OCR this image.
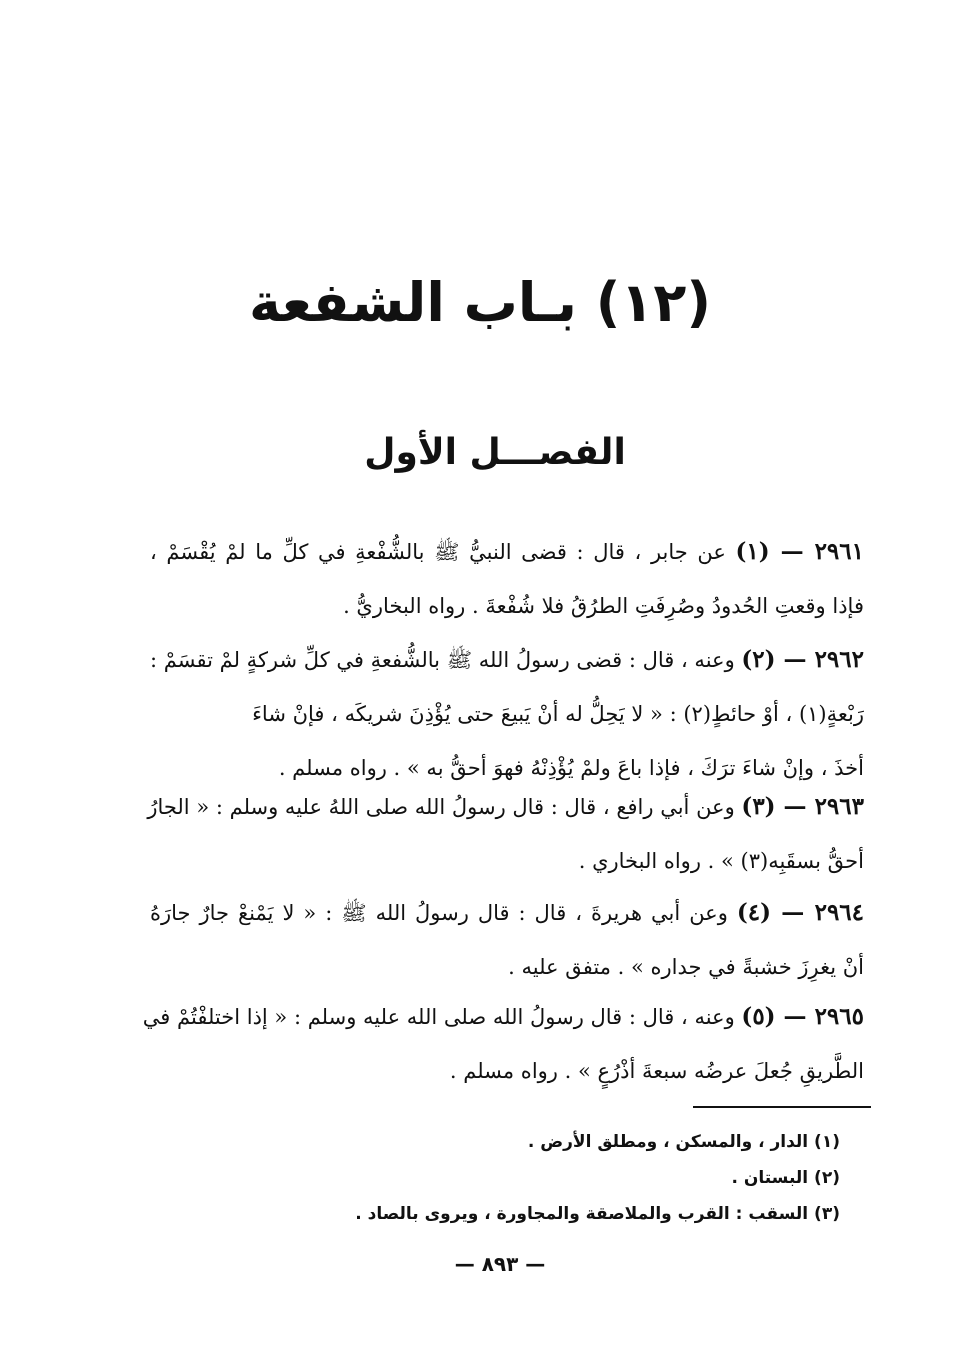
(١٢) بـاب الشفعة
الفصـــل الأول
٢٩٦١ — (١) عن جابر ، قال : قضى النبيُّ ﷺ بالشُّفْعةِ في كلِّ ما لمْ يُقْسَمْ ،
فإذا وقعتِ الحُدودُ وصُرِفَتِ الطرُقُ فلا شُفْعةَ . رواه البخاريُّ .
٢٩٦٢ — (٢) وعنه ، قال : قضى رسولُ الله ﷺ بالشُّفعةِ في كلِّ شركةٍ لمْ تقسَمْ :
رَبْعةٍ(١) ، أوْ حائطٍ(٢) : « لا يَحِلُّ له أنْ يَبيعَ حتى يُؤْذِنَ شريكَه ، فإنْ شاءَ
أخذَ ، وإنْ شاءَ ترَكَ ، فإذا باعَ ولمْ يُؤْذِنْهُ فهوَ أحقُّ به » . رواه مسلم .
٢٩٦٣ — (٣) وعن أبي رافع ، قال : قال رسولُ الله صلى اللهُ عليه وسلم : « الجارُ
أحقُّ بسقَبِه(٣) » . رواه البخاري .
٢٩٦٤ — (٤) وعن أبي هريرةَ ، قال : قال رسولُ الله ﷺ : « لا يَمْنعْ جارٌ جارَهُ
أنْ يغرِزَ خشبةً في جداره » . متفق عليه .
٢٩٦٥ — (٥) وعنه ، قال : قال رسولُ الله صلى الله عليه وسلم : « إذا اختلفْتُمْ في
الطَّريقِ جُعلَ عرضُه سبعةَ أذْرُعٍ » . رواه مسلم .
(١) الدار ، والمسكن ، ومطلق الأرض .
(٢) البستان .
(٣) السقب : القرب والملاصقة والمجاورة ، ويروى بالصاد .
— ٨٩٣ —
